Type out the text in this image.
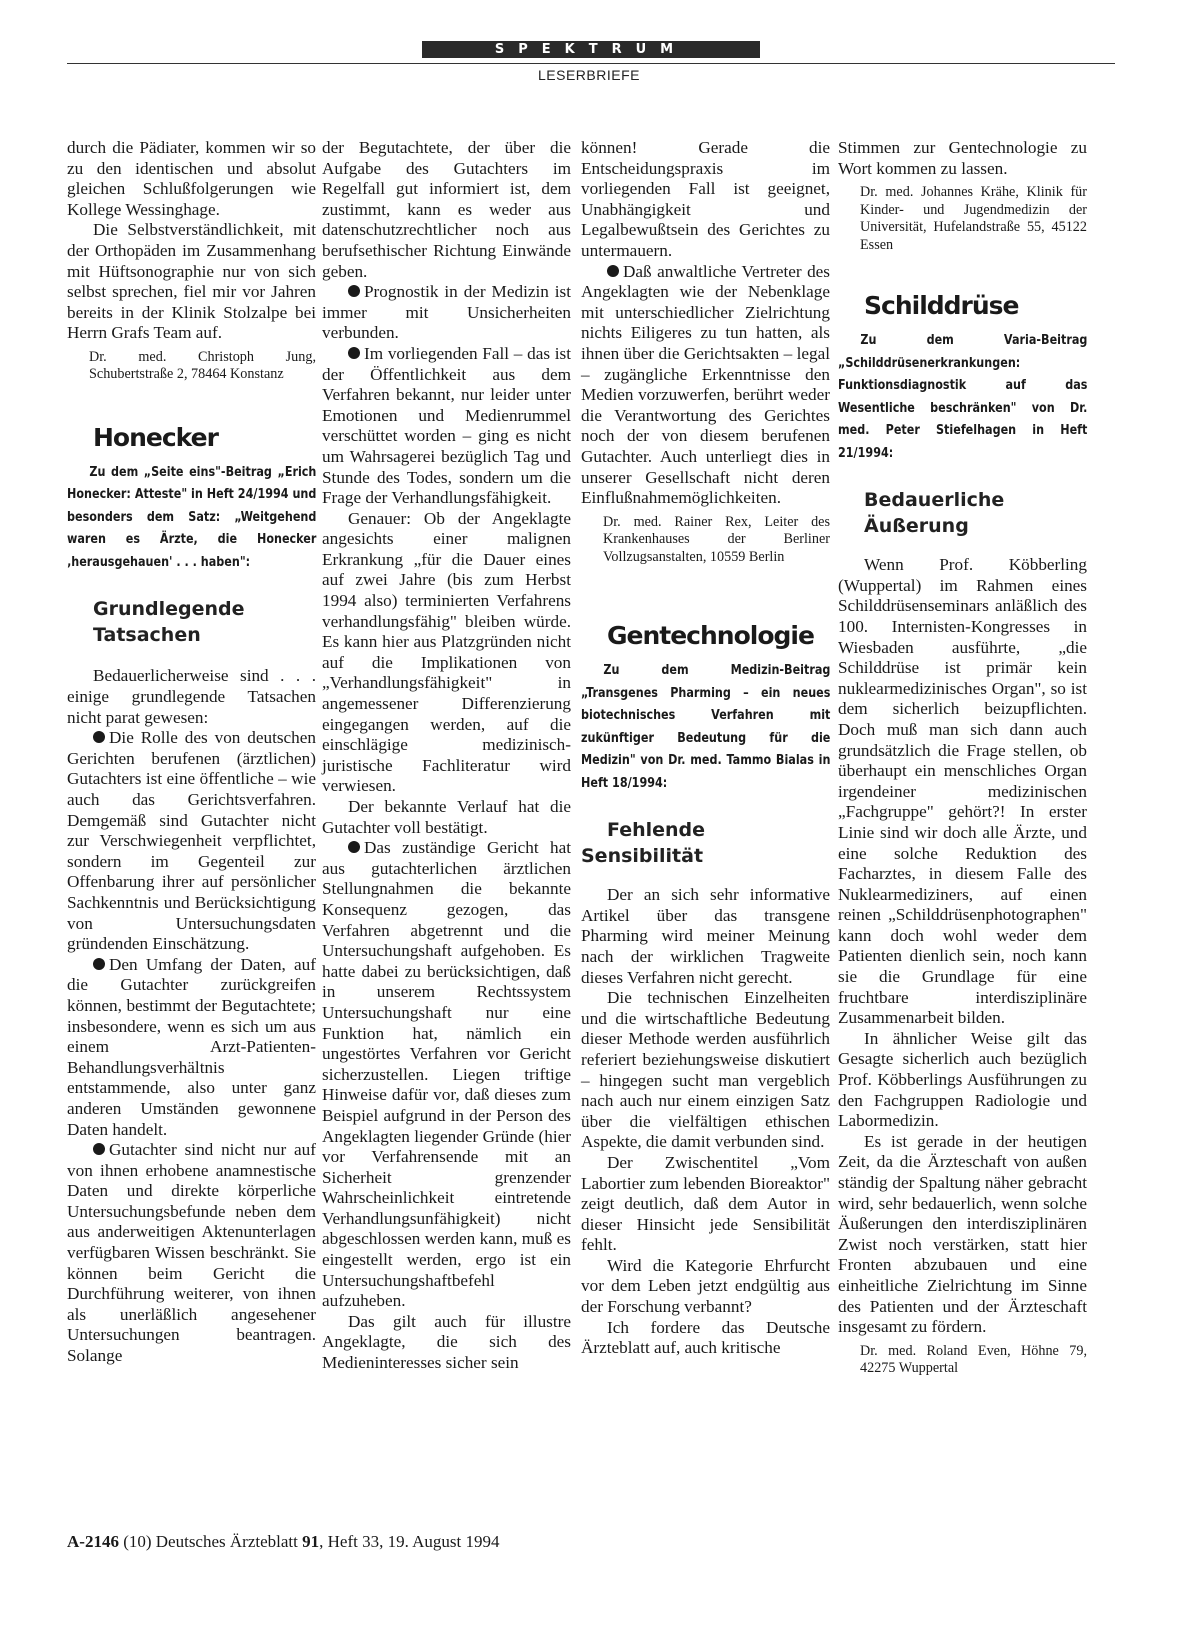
SPEKTRUM
LESERBRIEFE

durch die Pädiater, kommen wir so zu den identischen und absolut gleichen Schlußfolgerungen wie Kollege Wessinghage.

Die Selbstverständlichkeit, mit der Orthopäden im Zusammenhang mit Hüftsonographie nur von sich selbst sprechen, fiel mir vor Jahren bereits in der Klinik Stolzalpe bei Herrn Grafs Team auf.

Dr. med. Christoph Jung, Schubertstraße 2, 78464 Konstanz

Honecker

Zu dem „Seite eins"-Beitrag „Erich Honecker: Atteste" in Heft 24/1994 und besonders dem Satz: „Weitgehend waren es Ärzte, die Honecker ‚herausgehauen' . . . haben":

Grundlegende

Tatsachen

Bedauerlicherweise sind . . . einige grundlegende Tatsachen nicht parat gewesen:

Die Rolle des von deutschen Gerichten berufenen (ärztlichen) Gutachters ist eine öffentliche – wie auch das Gerichtsverfahren. Demgemäß sind Gutachter nicht zur Verschwiegenheit verpflichtet, sondern im Gegenteil zur Offenbarung ihrer auf persönlicher Sachkenntnis und Berücksichtigung von Untersuchungsdaten gründenden Einschätzung.

Den Umfang der Daten, auf die Gutachter zurückgreifen können, bestimmt der Begutachtete; insbesondere, wenn es sich um aus einem Arzt-Patienten-Behandlungsverhältnis entstammende, also unter ganz anderen Umständen gewonnene Daten handelt.

Gutachter sind nicht nur auf von ihnen erhobene anamnestische Daten und direkte körperliche Untersuchungsbefunde neben dem aus anderweitigen Aktenunterlagen verfügbaren Wissen beschränkt. Sie können beim Gericht die Durchführung weiterer, von ihnen als unerläßlich angesehener Untersuchungen beantragen. Solange

der Begutachtete, der über die Aufgabe des Gutachters im Regelfall gut informiert ist, dem zustimmt, kann es weder aus datenschutzrechtlicher noch aus berufsethischer Richtung Einwände geben.

Prognostik in der Medizin ist immer mit Unsicherheiten verbunden.

Im vorliegenden Fall – das ist der Öffentlichkeit aus dem Verfahren bekannt, nur leider unter Emotionen und Medienrummel verschüttet worden – ging es nicht um Wahrsagerei bezüglich Tag und Stunde des Todes, sondern um die Frage der Verhandlungsfähigkeit.

Genauer: Ob der Angeklagte angesichts einer malignen Erkrankung „für die Dauer eines auf zwei Jahre (bis zum Herbst 1994 also) terminierten Verfahrens verhandlungsfähig" bleiben würde. Es kann hier aus Platzgründen nicht auf die Implikationen von „Verhandlungsfähigkeit" in angemessener Differenzierung eingegangen werden, auf die einschlägige medizinisch-juristische Fachliteratur wird verwiesen.

Der bekannte Verlauf hat die Gutachter voll bestätigt.

Das zuständige Gericht hat aus gutachterlichen ärztlichen Stellungnahmen die bekannte Konsequenz gezogen, das Verfahren abgetrennt und die Untersuchungshaft aufgehoben. Es hatte dabei zu berücksichtigen, daß in unserem Rechtssystem Untersuchungshaft nur eine Funktion hat, nämlich ein ungestörtes Verfahren vor Gericht sicherzustellen. Liegen triftige Hinweise dafür vor, daß dieses zum Beispiel aufgrund in der Person des Angeklagten liegender Gründe (hier vor Verfahrensende mit an Sicherheit grenzender Wahrscheinlichkeit eintretende Verhandlungsunfähigkeit) nicht abgeschlossen werden kann, muß es eingestellt werden, ergo ist ein Untersuchungshaftbefehl aufzuheben.

Das gilt auch für illustre Angeklagte, die sich des Medieninteresses sicher sein

können! Gerade die Entscheidungspraxis im vorliegenden Fall ist geeignet, Unabhängigkeit und Legalbewußtsein des Gerichtes zu untermauern.

Daß anwaltliche Vertreter des Angeklagten wie der Nebenklage mit unterschiedlicher Zielrichtung nichts Eiligeres zu tun hatten, als ihnen über die Gerichtsakten – legal – zugängliche Erkenntnisse den Medien vorzuwerfen, berührt weder die Verantwortung des Gerichtes noch der von diesem berufenen Gutachter. Auch unterliegt dies in unserer Gesellschaft nicht deren Einflußnahmemöglichkeiten.

Dr. med. Rainer Rex, Leiter des Krankenhauses der Berliner Vollzugsanstalten, 10559 Berlin

Gentechnologie

Zu dem Medizin-Beitrag „Transgenes Pharming – ein neues biotechnisches Verfahren mit zukünftiger Bedeutung für die Medizin" von Dr. med. Tammo Bialas in Heft 18/1994:

Fehlende Sensibilität

Der an sich sehr informative Artikel über das transgene Pharming wird meiner Meinung nach der wirklichen Tragweite dieses Verfahren nicht gerecht.

Die technischen Einzelheiten und die wirtschaftliche Bedeutung dieser Methode werden ausführlich referiert beziehungsweise diskutiert – hingegen sucht man vergeblich nach auch nur einem einzigen Satz über die vielfältigen ethischen Aspekte, die damit verbunden sind.

Der Zwischentitel „Vom Labortier zum lebenden Bioreaktor" zeigt deutlich, daß dem Autor in dieser Hinsicht jede Sensibilität fehlt.

Wird die Kategorie Ehrfurcht vor dem Leben jetzt endgültig aus der Forschung verbannt?

Ich fordere das Deutsche Ärzteblatt auf, auch kritische

Stimmen zur Gentechnologie zu Wort kommen zu lassen.

Dr. med. Johannes Krähe, Klinik für Kinder- und Jugendmedizin der Universität, Hufelandstraße 55, 45122 Essen

Schilddrüse

Zu dem Varia-Beitrag „Schilddrüsenerkrankungen: Funktionsdiagnostik auf das Wesentliche beschränken" von Dr. med. Peter Stiefelhagen in Heft 21/1994:

Bedauerliche

Äußerung

Wenn Prof. Köbberling (Wuppertal) im Rahmen eines Schilddrüsenseminars anläßlich des 100. Internisten-Kongresses in Wiesbaden ausführte, „die Schilddrüse ist primär kein nuklearmedizinisches Organ", so ist dem sicherlich beizupflichten. Doch muß man sich dann auch grundsätzlich die Frage stellen, ob überhaupt ein menschliches Organ irgendeiner medizinischen „Fachgruppe" gehört?! In erster Linie sind wir doch alle Ärzte, und eine solche Reduktion des Facharztes, in diesem Falle des Nuklearmediziners, auf einen reinen „Schilddrüsenphotographen" kann doch wohl weder dem Patienten dienlich sein, noch kann sie die Grundlage für eine fruchtbare interdisziplinäre Zusammenarbeit bilden.

In ähnlicher Weise gilt das Gesagte sicherlich auch bezüglich Prof. Köbberlings Ausführungen zu den Fachgruppen Radiologie und Labormedizin.

Es ist gerade in der heutigen Zeit, da die Ärzteschaft von außen ständig der Spaltung näher gebracht wird, sehr bedauerlich, wenn solche Äußerungen den interdisziplinären Zwist noch verstärken, statt hier Fronten abzubauen und eine einheitliche Zielrichtung im Sinne des Patienten und der Ärzteschaft insgesamt zu fördern.

Dr. med. Roland Even, Höhne 79, 42275 Wuppertal

A-2146 (10) Deutsches Ärzteblatt 91, Heft 33, 19. August 1994
